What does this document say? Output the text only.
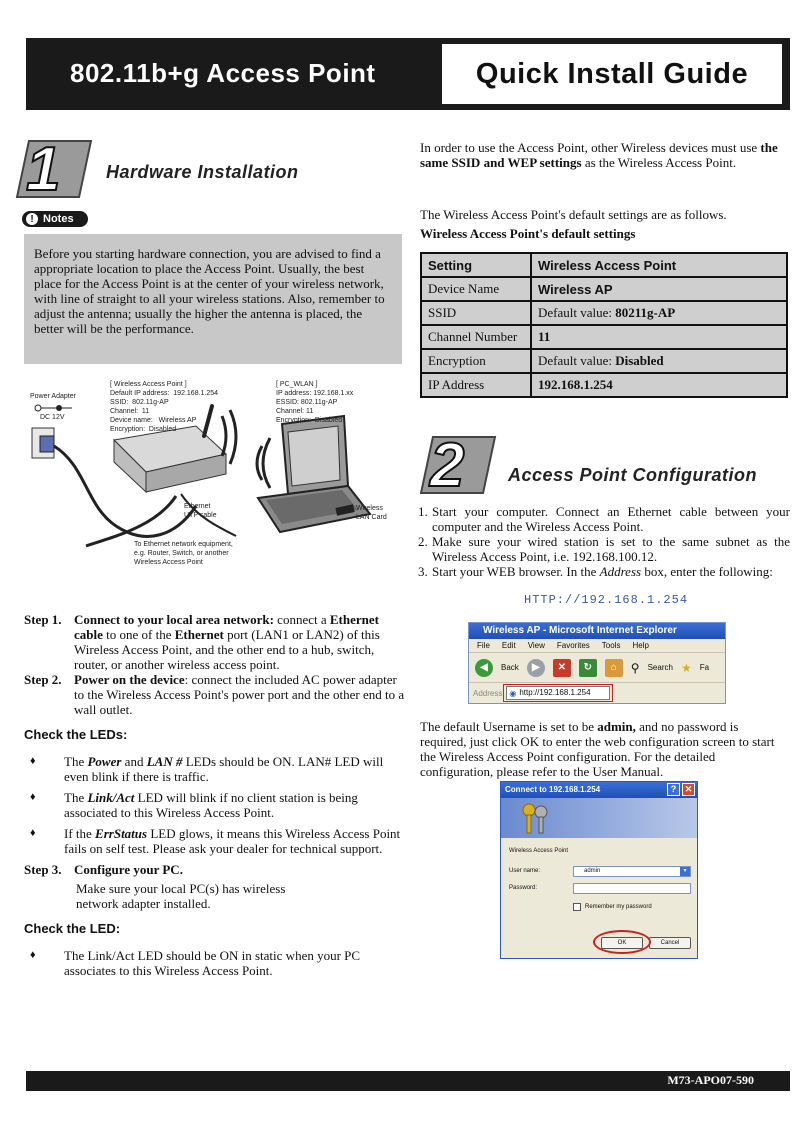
802.11b+g Access Point	Quick Install Guide
1	Hardware Installation
! Notes
Before you starting hardware connection, you are advised to find a appropriate location to place the Access Point. Usually, the best place for the Access Point is at the center of your wireless network, with line of straight to all your wireless stations. Also, remember to adjust the antenna; usually the higher the antenna is placed, the better will be the performance.
Power Adapter
DC 12V
[ Wireless Access Point ]
Default IP address:  192.168.1.254
SSID:  802.11g-AP
Channel:  11
Device name:   Wireless AP
Encryption:  Disabled
[ PC_WLAN ]
IP address: 192.168.1.xx
ESSID: 802.11g-AP
Channel: 11
Encryption:  Disabled
Ethernet
UTP cable
Wireless
LAN Card
To Ethernet network equipment,
e.g. Router, Switch, or another
Wireless Access Point
Step 1. Connect to your local area network: connect a Ethernet cable to one of the Ethernet port (LAN1 or LAN2) of this Wireless Access Point, and the other end to a hub, switch, router, or another wireless access point.
Step 2. Power on the device: connect the included AC power adapter to the Wireless Access Point's power port and the other end to a wall outlet.
Check the LEDs:
♦	The Power and LAN # LEDs should be ON. LAN# LED will even blink if there is traffic.
♦	The Link/Act LED will blink if no client station is being associated to this Wireless Access Point.
♦	If the ErrStatus LED glows, it means this Wireless Access Point fails on self test. Please ask your dealer for technical support.
Step 3. Configure your PC.
Make sure your local PC(s) has wireless network adapter installed.
Check the LED:
♦	The Link/Act LED should be ON in static when your PC associates to this Wireless Access Point.
In order to use the Access Point, other Wireless devices must use the same SSID and WEP settings as the Wireless Access Point.
The Wireless Access Point's default settings are as follows.
Wireless Access Point's default settings
Setting	Wireless Access Point
Device Name	Wireless AP
SSID	Default value: 80211g-AP
Channel Number	11
Encryption	Default value: Disabled
IP Address	192.168.1.254
2 Access Point Configuration
1. Start your computer. Connect an Ethernet cable between your computer and the Wireless Access Point.
2. Make sure your wired station is set to the same subnet as the Wireless Access Point, i.e. 192.168.100.12.
3. Start your WEB browser. In the Address box, enter the following:
HTTP://192.168.1.254
Wireless AP - Microsoft Internet Explorer
File Edit View Favorites Tools Help
◀	Back	▶	✕	↻	⌂	⚲ Search ★ Fa
Address ◉ http://192.168.1.254
The default Username is set to be admin, and no password is required, just click OK to enter the web configuration screen to start the Wireless Access Point configuration. For the detailed configuration, please refer to the User Manual.
Connect to 192.168.1.254	? ✕
Wireless Access Point
User name:	admin	▾
Password:
Remember my password
OK	Cancel
M73-APO07-590
